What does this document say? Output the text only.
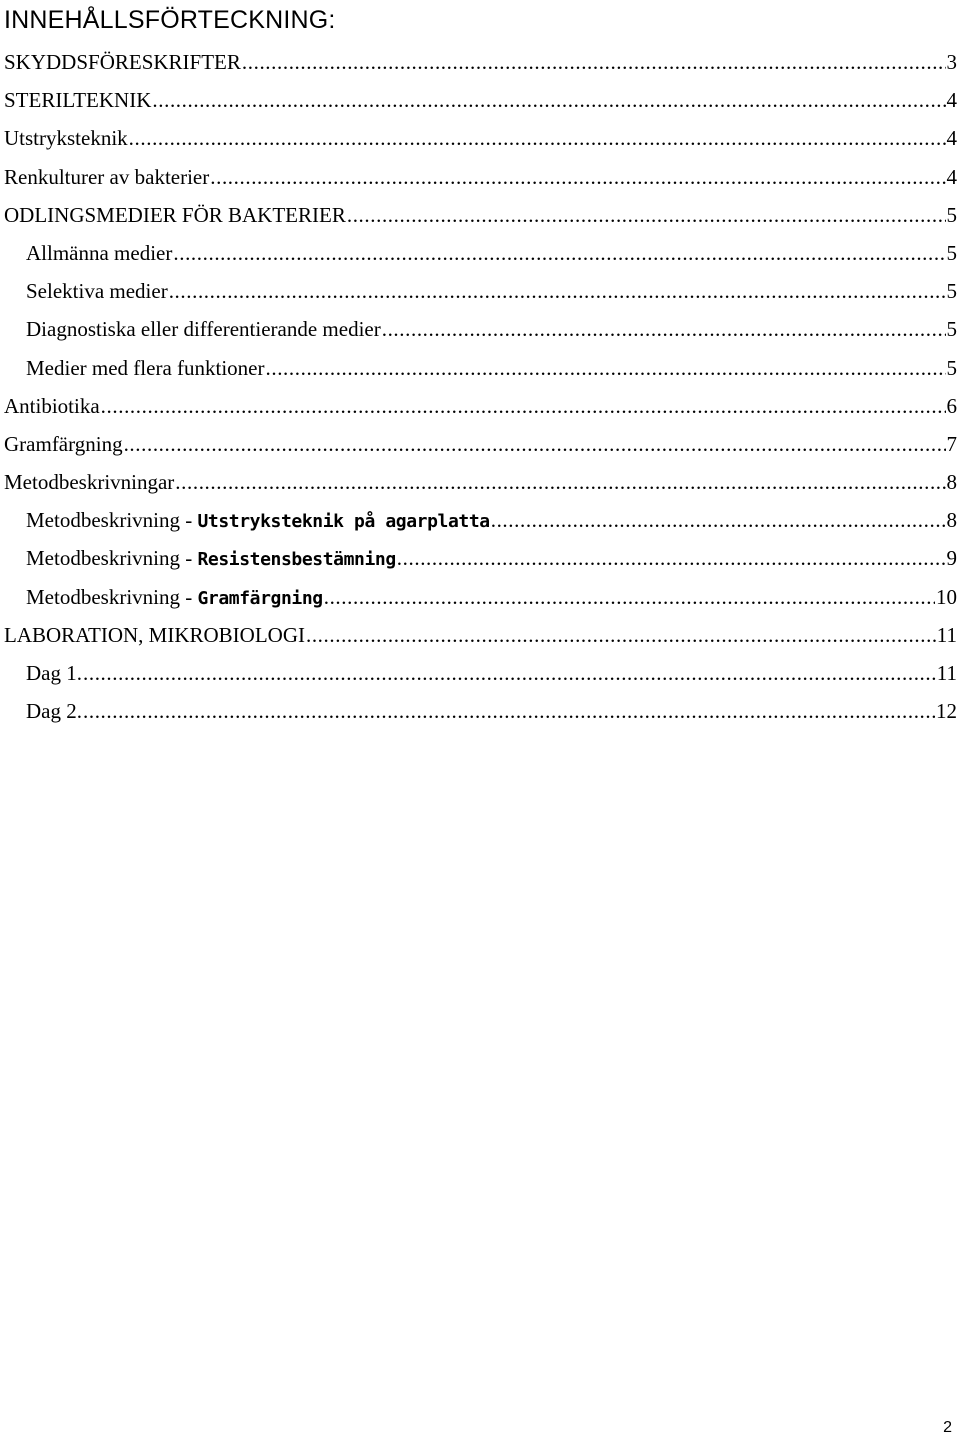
INNEHÅLLSFÖRTECKNING:
SKYDDSFÖRESKRIFTER .....	3
STERILTEKNIK .....	4
Utstryksteknik .....	4
Renkulturer av bakterier .....	4
ODLINGSMEDIER FÖR BAKTERIER .....	5
Allmänna medier .....	5
Selektiva medier .....	5
Diagnostiska eller differentierande medier .....	5
Medier med flera funktioner .....	5
Antibiotika .....	6
Gramfärgning .....	7
Metodbeskrivningar .....	8
Metodbeskrivning - Utstryksteknik på agarplatta .....	8
Metodbeskrivning - Resistensbestämning .....	9
Metodbeskrivning - Gramfärgning .....	10
LABORATION, MIKROBIOLOGI .....	11
Dag 1. .....	11
Dag 2. .....	12
2
